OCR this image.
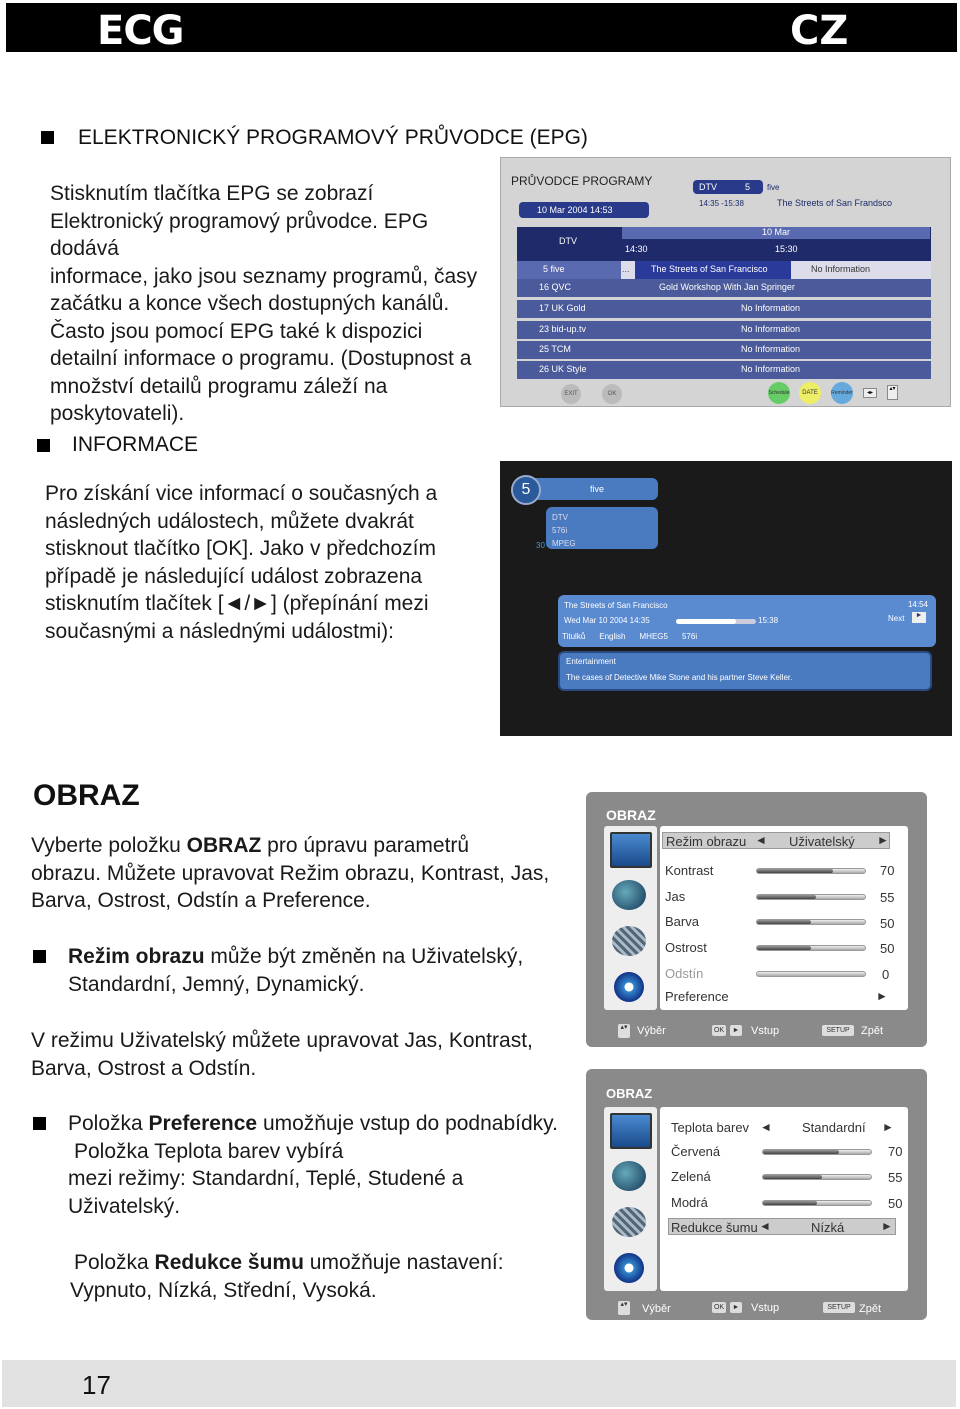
ECG	CZ
ELEKTRONICKÝ PROGRAMOVÝ PRŮVODCE (EPG)
Stisknutím tlačítka EPG se zobrazí
Elektronický programový průvodce. EPG dodává
informace, jako jsou seznamy programů, časy
začátku a konce všech dostupných kanálů.
Často jsou pomocí EPG také k dispozici
detailní informace o programu. (Dostupnost a
množství detailů programu záleží na
poskytovateli).
PRŮVODCE PROGRAMY
10 Mar 2004 14:53
DTV	5	five
14:35 -15:38	The Streets of San Frandsco
DTV
10 Mar
14:30	15:30
5 five	...	The Streets of San Francisco	No Information
16 QVC	Gold Workshop With Jan Springer
17 UK Gold	No Information
23 bid-up.tv	No Information
25 TCM	No Information
26 UK Style	No Information
EXIT	OK	Schedule	DATE	Reminder	◂▸
▴▾
INFORMACE
Pro získání vice informací o současných a
následných událostech, můžete dvakrát
stisknout tlačítko [OK]. Jako v předchozím
případě je následující událost zobrazena
stisknutím tlačítek [◄/►] (přepínání mezi
současnými a následnými událostmi):
five
5
DTV
576i
MPEG
30
The Streets of San Francisco	14:54
Wed Mar 10 2004 14:35	15:38	Next	►
Titulků English MHEG5 576i
Entertainment
The cases of Detective Mike Stone and his partner Steve Keller.
OBRAZ
Vyberte položku OBRAZ pro úpravu parametrů
obrazu. Můžete upravovat Režim obrazu, Kontrast, Jas,
Barva, Ostrost, Odstín a Preference.
Režim obrazu může být změněn na Uživatelský,
Standardní, Jemný, Dynamický.
V režimu Uživatelský můžete upravovat Jas, Kontrast,
Barva, Ostrost a Odstín.
Položka Preference umožňuje vstup do podnabídky.
Položka Teplota barev vybírá
mezi režimy: Standardní, Teplé, Studené a
Uživatelský.
Položka Redukce šumu umožňuje nastavení:
Vypnuto, Nízká, Střední, Vysoká.
OBRAZ
Režim obrazu ◄ Uživatelský ►
Kontrast	70
Jas	55
Barva	50
Ostrost	50
Odstín	0
Preference	►
▴▾ Výběr	OK	► Vstup	SETUP	Zpět
OBRAZ
Teplota barev ◄ Standardní ►
Červená	70
Zelená	55
Modrá	50
Redukce šumu ◄	Nízká	►
▴▾ Výběr	OK	► Vstup	SETUP Zpět
17
